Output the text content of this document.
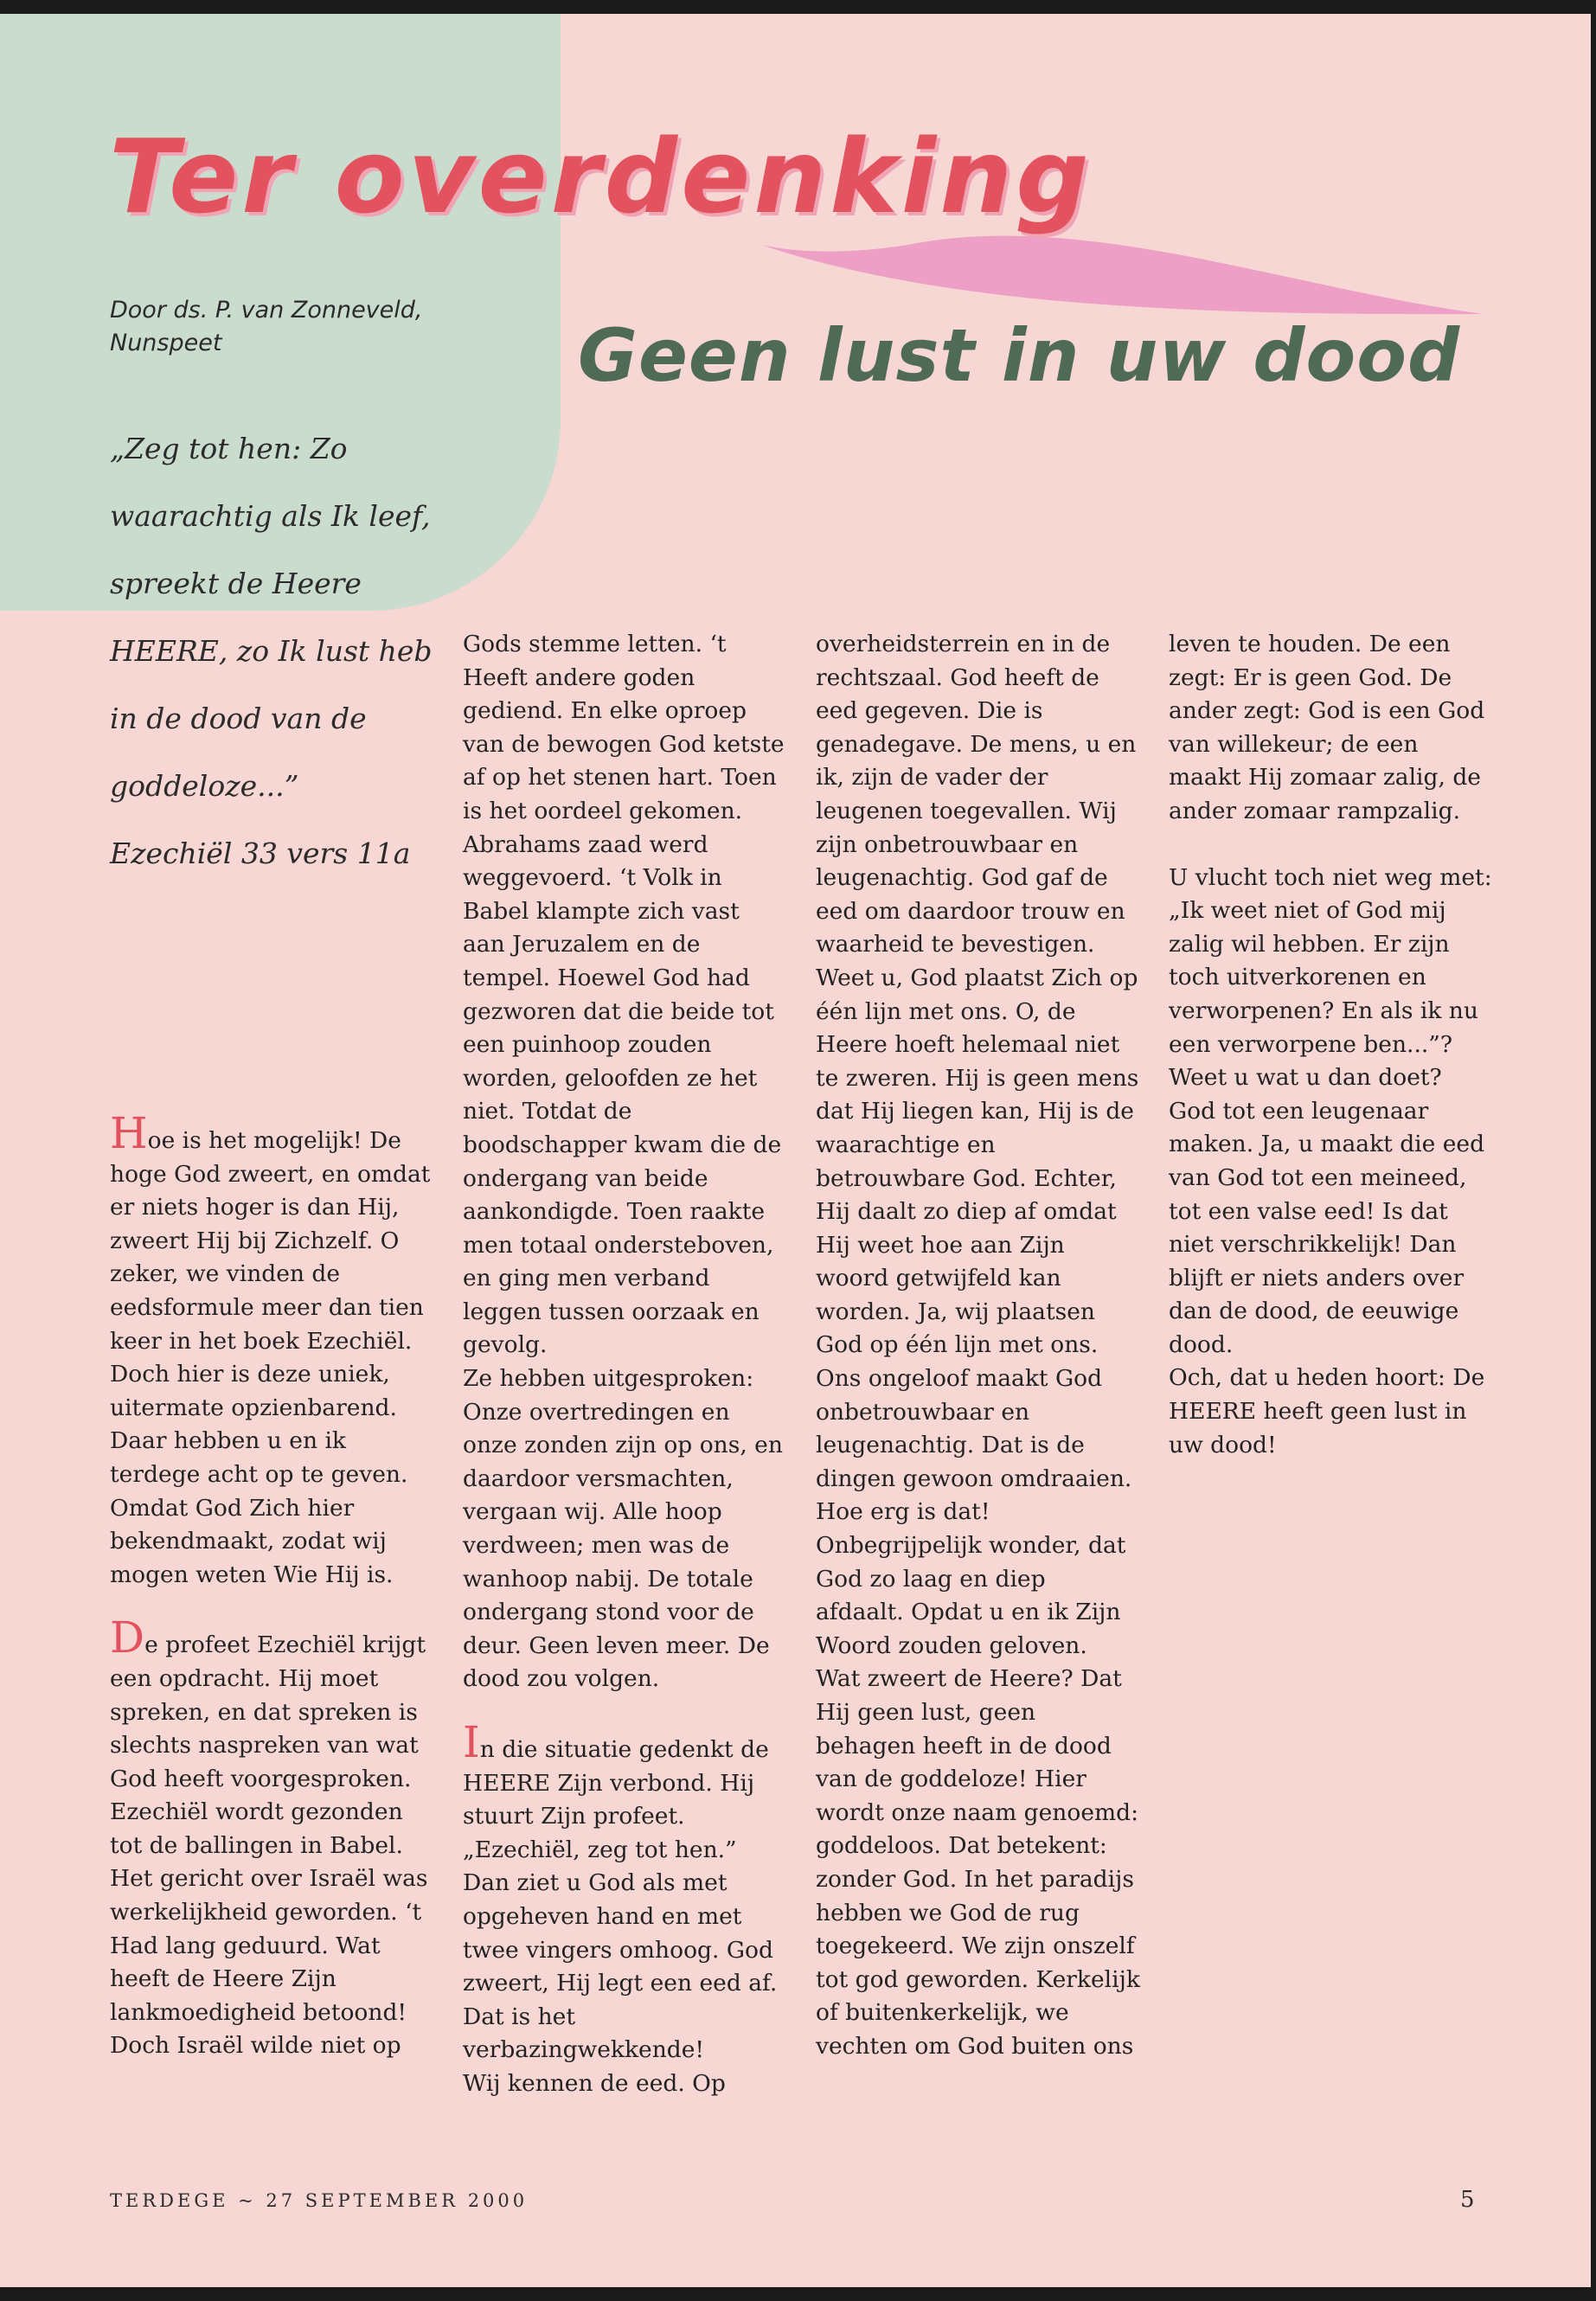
Ter overdenking
Door ds. P. van Zonneveld,
Nunspeet	Geen lust in uw dood
„Zeg tot hen: Zo waarachtig als Ik leef, spreekt de Heere HEERE, zo Ik lust heb in de dood van de goddeloze...”
Ezechiël 33 vers 11a

Hoe is het mogelijk! De hoge God zweert, en omdat er niets hoger is dan Hij, zweert Hij bij Zichzelf. O zeker, we vinden de eedsformule meer dan tien keer in het boek Ezechiël. Doch hier is deze uniek, uitermate opzienbarend. Daar hebben u en ik terdege acht op te geven. Omdat God Zich hier bekendmaakt, zodat wij mogen weten Wie Hij is.

De profeet Ezechiël krijgt een opdracht. Hij moet spreken, en dat spreken is slechts naspreken van wat God heeft voorgesproken. Ezechiël wordt gezonden tot de ballingen in Babel. Het gericht over Israël was werkelijkheid geworden. ‘t Had lang geduurd. Wat heeft de Heere Zijn lankmoedigheid betoond! Doch Israël wilde niet op

Gods stemme letten. ‘t Heeft andere goden gediend. En elke oproep van de bewogen God ketste af op het stenen hart. Toen is het oordeel gekomen. Abrahams zaad werd weggevoerd. ‘t Volk in Babel klampte zich vast aan Jeruzalem en de tempel. Hoewel God had gezworen dat die beide tot een puinhoop zouden worden, geloofden ze het niet. Totdat de boodschapper kwam die de ondergang van beide aankondigde. Toen raakte men totaal ondersteboven, en ging men verband leggen tussen oorzaak en gevolg.

Ze hebben uitgesproken: Onze overtredingen en onze zonden zijn op ons, en daardoor versmachten, vergaan wij. Alle hoop verdween; men was de wanhoop nabij. De totale ondergang stond voor de deur. Geen leven meer. De dood zou volgen.

In die situatie gedenkt de HEERE Zijn verbond. Hij stuurt Zijn profeet. „Ezechiël, zeg tot hen.” Dan ziet u God als met opgeheven hand en met twee vingers omhoog. God zweert, Hij legt een eed af. Dat is het verbazingwekkende!

Wij kennen de eed. Op

overheidsterrein en in de rechtszaal. God heeft de eed gegeven. Die is genadegave. De mens, u en ik, zijn de vader der leugenen toegevallen. Wij zijn onbetrouwbaar en leugenachtig. God gaf de eed om daardoor trouw en waarheid te bevestigen. Weet u, God plaatst Zich op één lijn met ons. O, de Heere hoeft helemaal niet te zweren. Hij is geen mens dat Hij liegen kan, Hij is de waarachtige en betrouwbare God. Echter, Hij daalt zo diep af omdat Hij weet hoe aan Zijn woord getwijfeld kan worden. Ja, wij plaatsen God op één lijn met ons. Ons ongeloof maakt God onbetrouwbaar en leugenachtig. Dat is de dingen gewoon omdraaien. Hoe erg is dat!

Onbegrijpelijk wonder, dat God zo laag en diep afdaalt. Opdat u en ik Zijn Woord zouden geloven.

Wat zweert de Heere? Dat Hij geen lust, geen behagen heeft in de dood van de goddeloze! Hier wordt onze naam genoemd: goddeloos. Dat betekent: zonder God. In het paradijs hebben we God de rug toegekeerd. We zijn onszelf tot god geworden. Kerkelijk of buitenkerkelijk, we vechten om God buiten ons

leven te houden. De een zegt: Er is geen God. De ander zegt: God is een God van willekeur; de een maakt Hij zomaar zalig, de ander zomaar rampzalig.

U vlucht toch niet weg met: „Ik weet niet of God mij zalig wil hebben. Er zijn toch uitverkorenen en verworpenen? En als ik nu een verworpene ben...”?

Weet u wat u dan doet? God tot een leugenaar maken. Ja, u maakt die eed van God tot een meineed, tot een valse eed! Is dat niet verschrikkelijk! Dan blijft er niets anders over dan de dood, de eeuwige dood.

Och, dat u heden hoort: De HEERE heeft geen lust in uw dood!

TERDEGE ~ 27 SEPTEMBER 2000	5
